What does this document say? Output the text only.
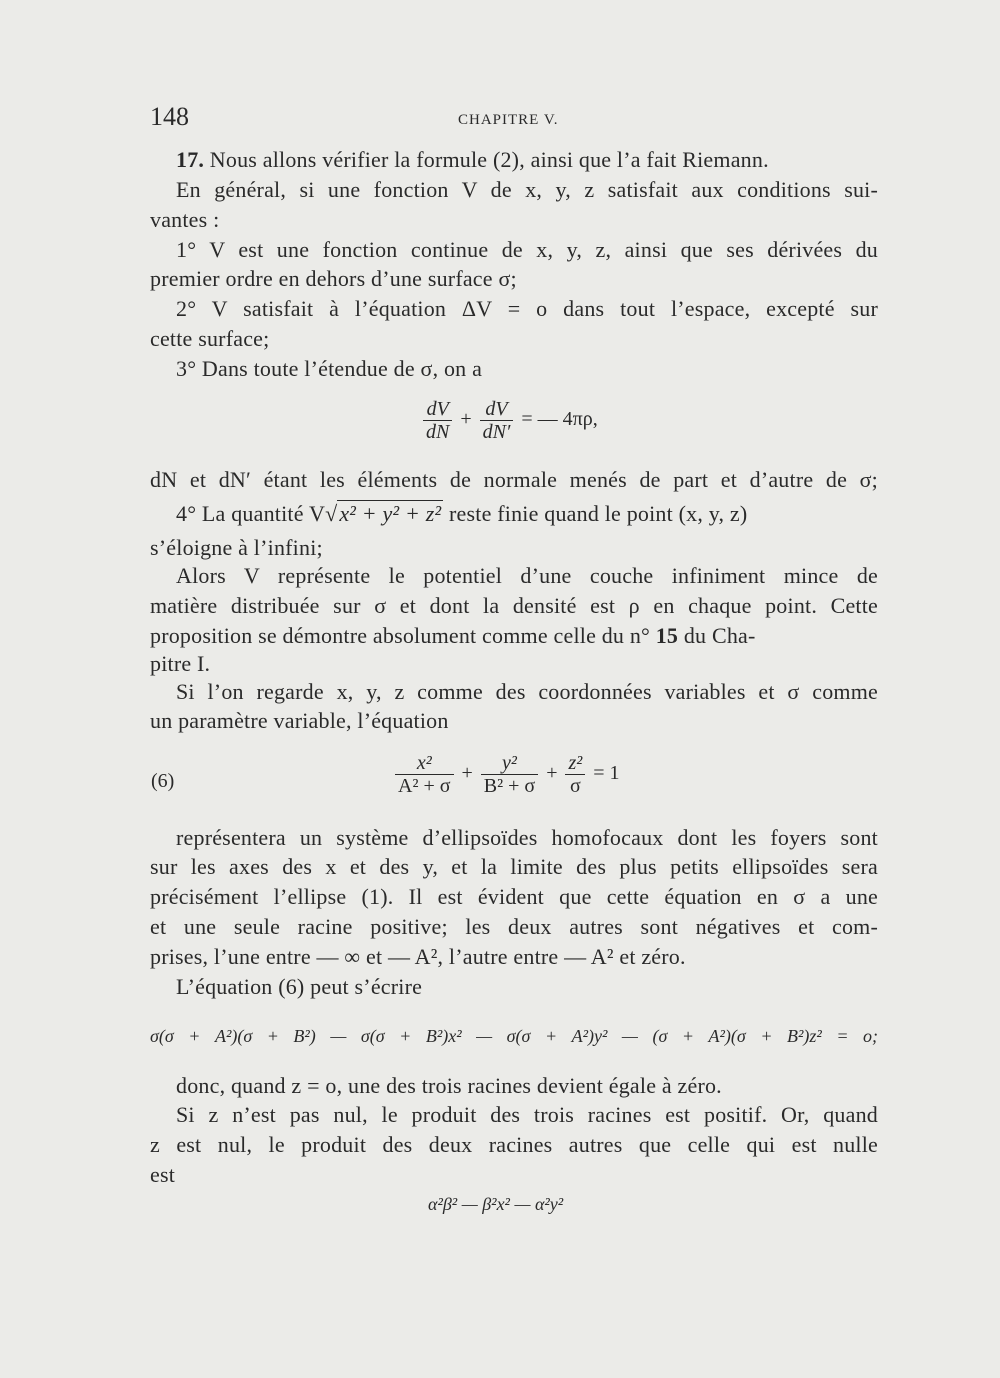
148	CHAPITRE V.
17. Nous allons vérifier la formule (2), ainsi que l’a fait Riemann.
En général, si une fonction V de x, y, z satisfait aux conditions sui-
vantes :
1° V est une fonction continue de x, y, z, ainsi que ses dérivées du
premier ordre en dehors d’une surface σ;
2° V satisfait à l’équation ΔV = o dans tout l’espace, excepté sur
cette surface;
3° Dans toute l’étendue de σ, on a
$\frac{dV}{dN} + \frac{dV}{dN'}$ = — 4πρ,
dN et dN′ étant les éléments de normale menés de part et d’autre de σ;
4° La quantité V√x² + y² + z² reste finie quand le point (x, y, z)
s’éloigne à l’infini;
Alors V représente le potentiel d’une couche infiniment mince de
matière distribuée sur σ et dont la densité est ρ en chaque point. Cette
proposition se démontre absolument comme celle du n° 15 du Cha-
pitre I.
Si l’on regarde x, y, z comme des coordonnées variables et σ comme
un paramètre variable, l’équation
(6)	$\frac{\text{x²}}{\text{A² + σ}} + \frac{\text{y²}}{\text{B² + σ}} + \frac{\text{z²}}{\sigma} = 1$
représentera un système d’ellipsoïdes homofocaux dont les foyers sont
sur les axes des x et des y, et la limite des plus petits ellipsoïdes sera
précisément l’ellipse (1). Il est évident que cette équation en σ a une
et une seule racine positive; les deux autres sont négatives et com-
prises, l’une entre — ∞ et — A², l’autre entre — A² et zéro.
L’équation (6) peut s’écrire
σ(σ + A²)(σ + B²) — σ(σ + B²)x² — σ(σ + A²)y² — (σ + A²)(σ + B²)z² = o;
donc, quand z = o, une des trois racines devient égale à zéro.
Si z n’est pas nul, le produit des trois racines est positif. Or, quand
z est nul, le produit des deux racines autres que celle qui est nulle
est
α²β² — β²x² — α²y²
